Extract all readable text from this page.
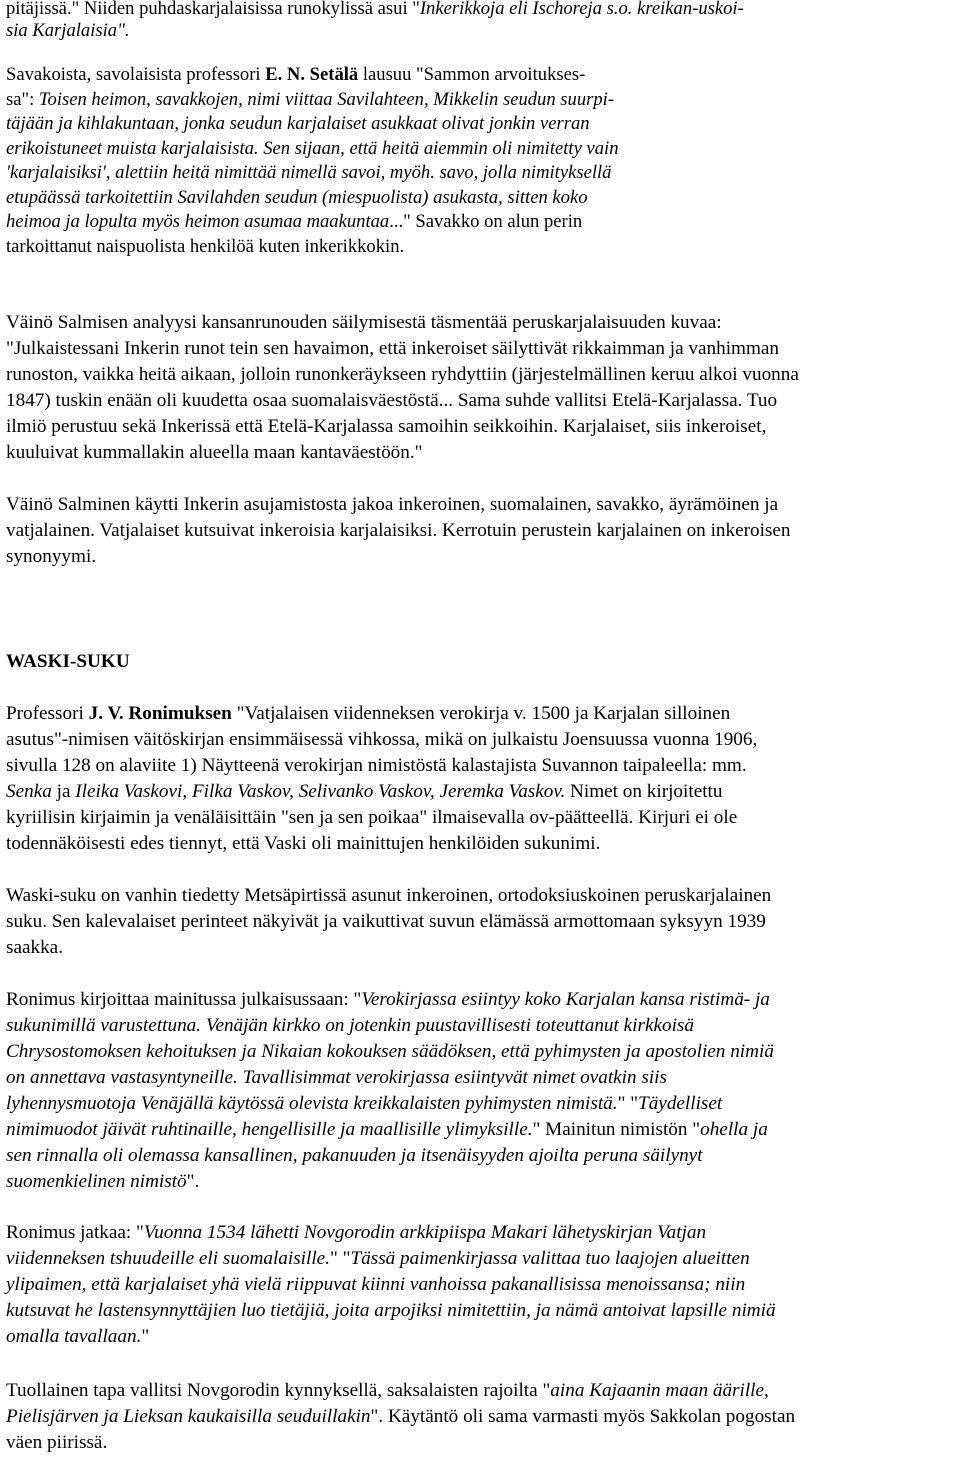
pitäjissä." Niiden puhdaskarjalaisissa runokylissä asui "Inkerikkoja eli Ischoreja s.o. kreikan-uskoi-
sia Karjalaisia".
Savakoista, savolaisista professori E. N. Setälä lausuu "Sammon arvoitukses-
sa": Toisen heimon, savakkojen, nimi viittaa Savilahteen, Mikkelin seudun suurpi-
täjään ja kihlakuntaan, jonka seudun karjalaiset asukkaat olivat jonkin verran
erikoistuneet muista karjalaisista. Sen sijaan, että heitä aiemmin oli nimitetty vain
'karjalaisiksi', alettiin heitä nimittää nimellä savoi, myöh. savo, jolla nimityksellä
etupäässä tarkoitettiin Savilahden seudun (miespuolista) asukasta, sitten koko
heimoa ja lopulta myös heimon asumaa maakuntaa..." Savakko on alun perin
tarkoittanut naispuolista henkilöä kuten inkerikkokin.
Väinö Salmisen analyysi kansanrunouden säilymisestä täsmentää peruskarjalaisuuden kuvaa:
"Julkaistessani Inkerin runot tein sen havaimon, että inkeroiset säilyttivät rikkaimman ja vanhimman
runoston, vaikka heitä aikaan, jolloin runonkeräykseen ryhdyttiin (järjestelmällinen keruu alkoi vuonna
1847) tuskin enään oli kuudetta osaa suomalaisväestöstä... Sama suhde vallitsi Etelä-Karjalassa. Tuo
ilmiö perustuu sekä Inkerissä että Etelä-Karjalassa samoihin seikkoihin. Karjalaiset, siis inkeroiset,
kuuluivat kummallakin alueella maan kantaväestöön."
Väinö Salminen käytti Inkerin asujamistosta jakoa inkeroinen, suomalainen, savakko, äyrämöinen ja
vatjalainen. Vatjalaiset kutsuivat inkeroisia karjalaisiksi. Kerrotuin perustein karjalainen on inkeroisen
synonyymi.
WASKI-SUKU
Professori J. V. Ronimuksen "Vatjalaisen viidenneksen verokirja v. 1500 ja Karjalan silloinen
asutus"-nimisen väitöskirjan ensimmäisessä vihkossa, mikä on julkaistu Joensuussa vuonna 1906,
sivulla 128 on alaviite 1) Näytteenä verokirjan nimistöstä kalastajista Suvannon taipaleella: mm.
Senka ja Ileika Vaskovi, Filka Vaskov, Selivanko Vaskov, Jeremka Vaskov. Nimet on kirjoitettu
kyriilisin kirjaimin ja venäläisittäin "sen ja sen poikaa" ilmaisevalla ov-päätteellä. Kirjuri ei ole
todennäköisesti edes tiennyt, että Vaski oli mainittujen henkilöiden sukunimi.
Waski-suku on vanhin tiedetty Metsäpirtissä asunut inkeroinen, ortodoksiuskoinen peruskarjalainen
suku. Sen kalevalaiset perinteet näkyivät ja vaikuttivat suvun elämässä armottomaan syksyyn 1939
saakka.
Ronimus kirjoittaa mainitussa julkaisussaan: "Verokirjassa esiintyy koko Karjalan kansa ristimä- ja
sukunimillä varustettuna. Venäjän kirkko on jotenkin puustavillisesti toteuttanut kirkkoisä
Chrysostomoksen kehoituksen ja Nikaian kokouksen säädöksen, että pyhimysten ja apostolien nimiä
on annettava vastasyntyneille. Tavallisimmat verokirjassa esiintyvät nimet ovatkin siis
lyhennysmuotoja Venäjällä käytössä olevista kreikkalaisten pyhimysten nimistä." "Täydelliset
nimimuodot jäivät ruhtinaille, hengellisille ja maallisille ylimyksille." Mainitun nimistön "ohella ja
sen rinnalla oli olemassa kansallinen, pakanuuden ja itsenäisyyden ajoilta peruna säilynyt
suomenkielinen nimistö".
Ronimus jatkaa: "Vuonna 1534 lähetti Novgorodin arkkipiispa Makari lähetyskirjan Vatjan
viidenneksen tshuudeille eli suomalaisille." "Tässä paimenkirjassa valittaa tuo laajojen alueitten
ylipaimen, että karjalaiset yhä vielä riippuvat kiinni vanhoissa pakanallisissa menoissansa; niin
kutsuvat he lastensynnyttäjien luo tietäjiä, joita arpojiksi nimitettiin, ja nämä antoivat lapsille nimiä
omalla tavallaan."
Tuollainen tapa vallitsi Novgorodin kynnyksellä, saksalaisten rajoilta "aina Kajaanin maan äärille,
Pielisjärven ja Lieksan kaukaisilla seuduillakin". Käytäntö oli sama varmasti myös Sakkolan pogostan
väen piirissä.
